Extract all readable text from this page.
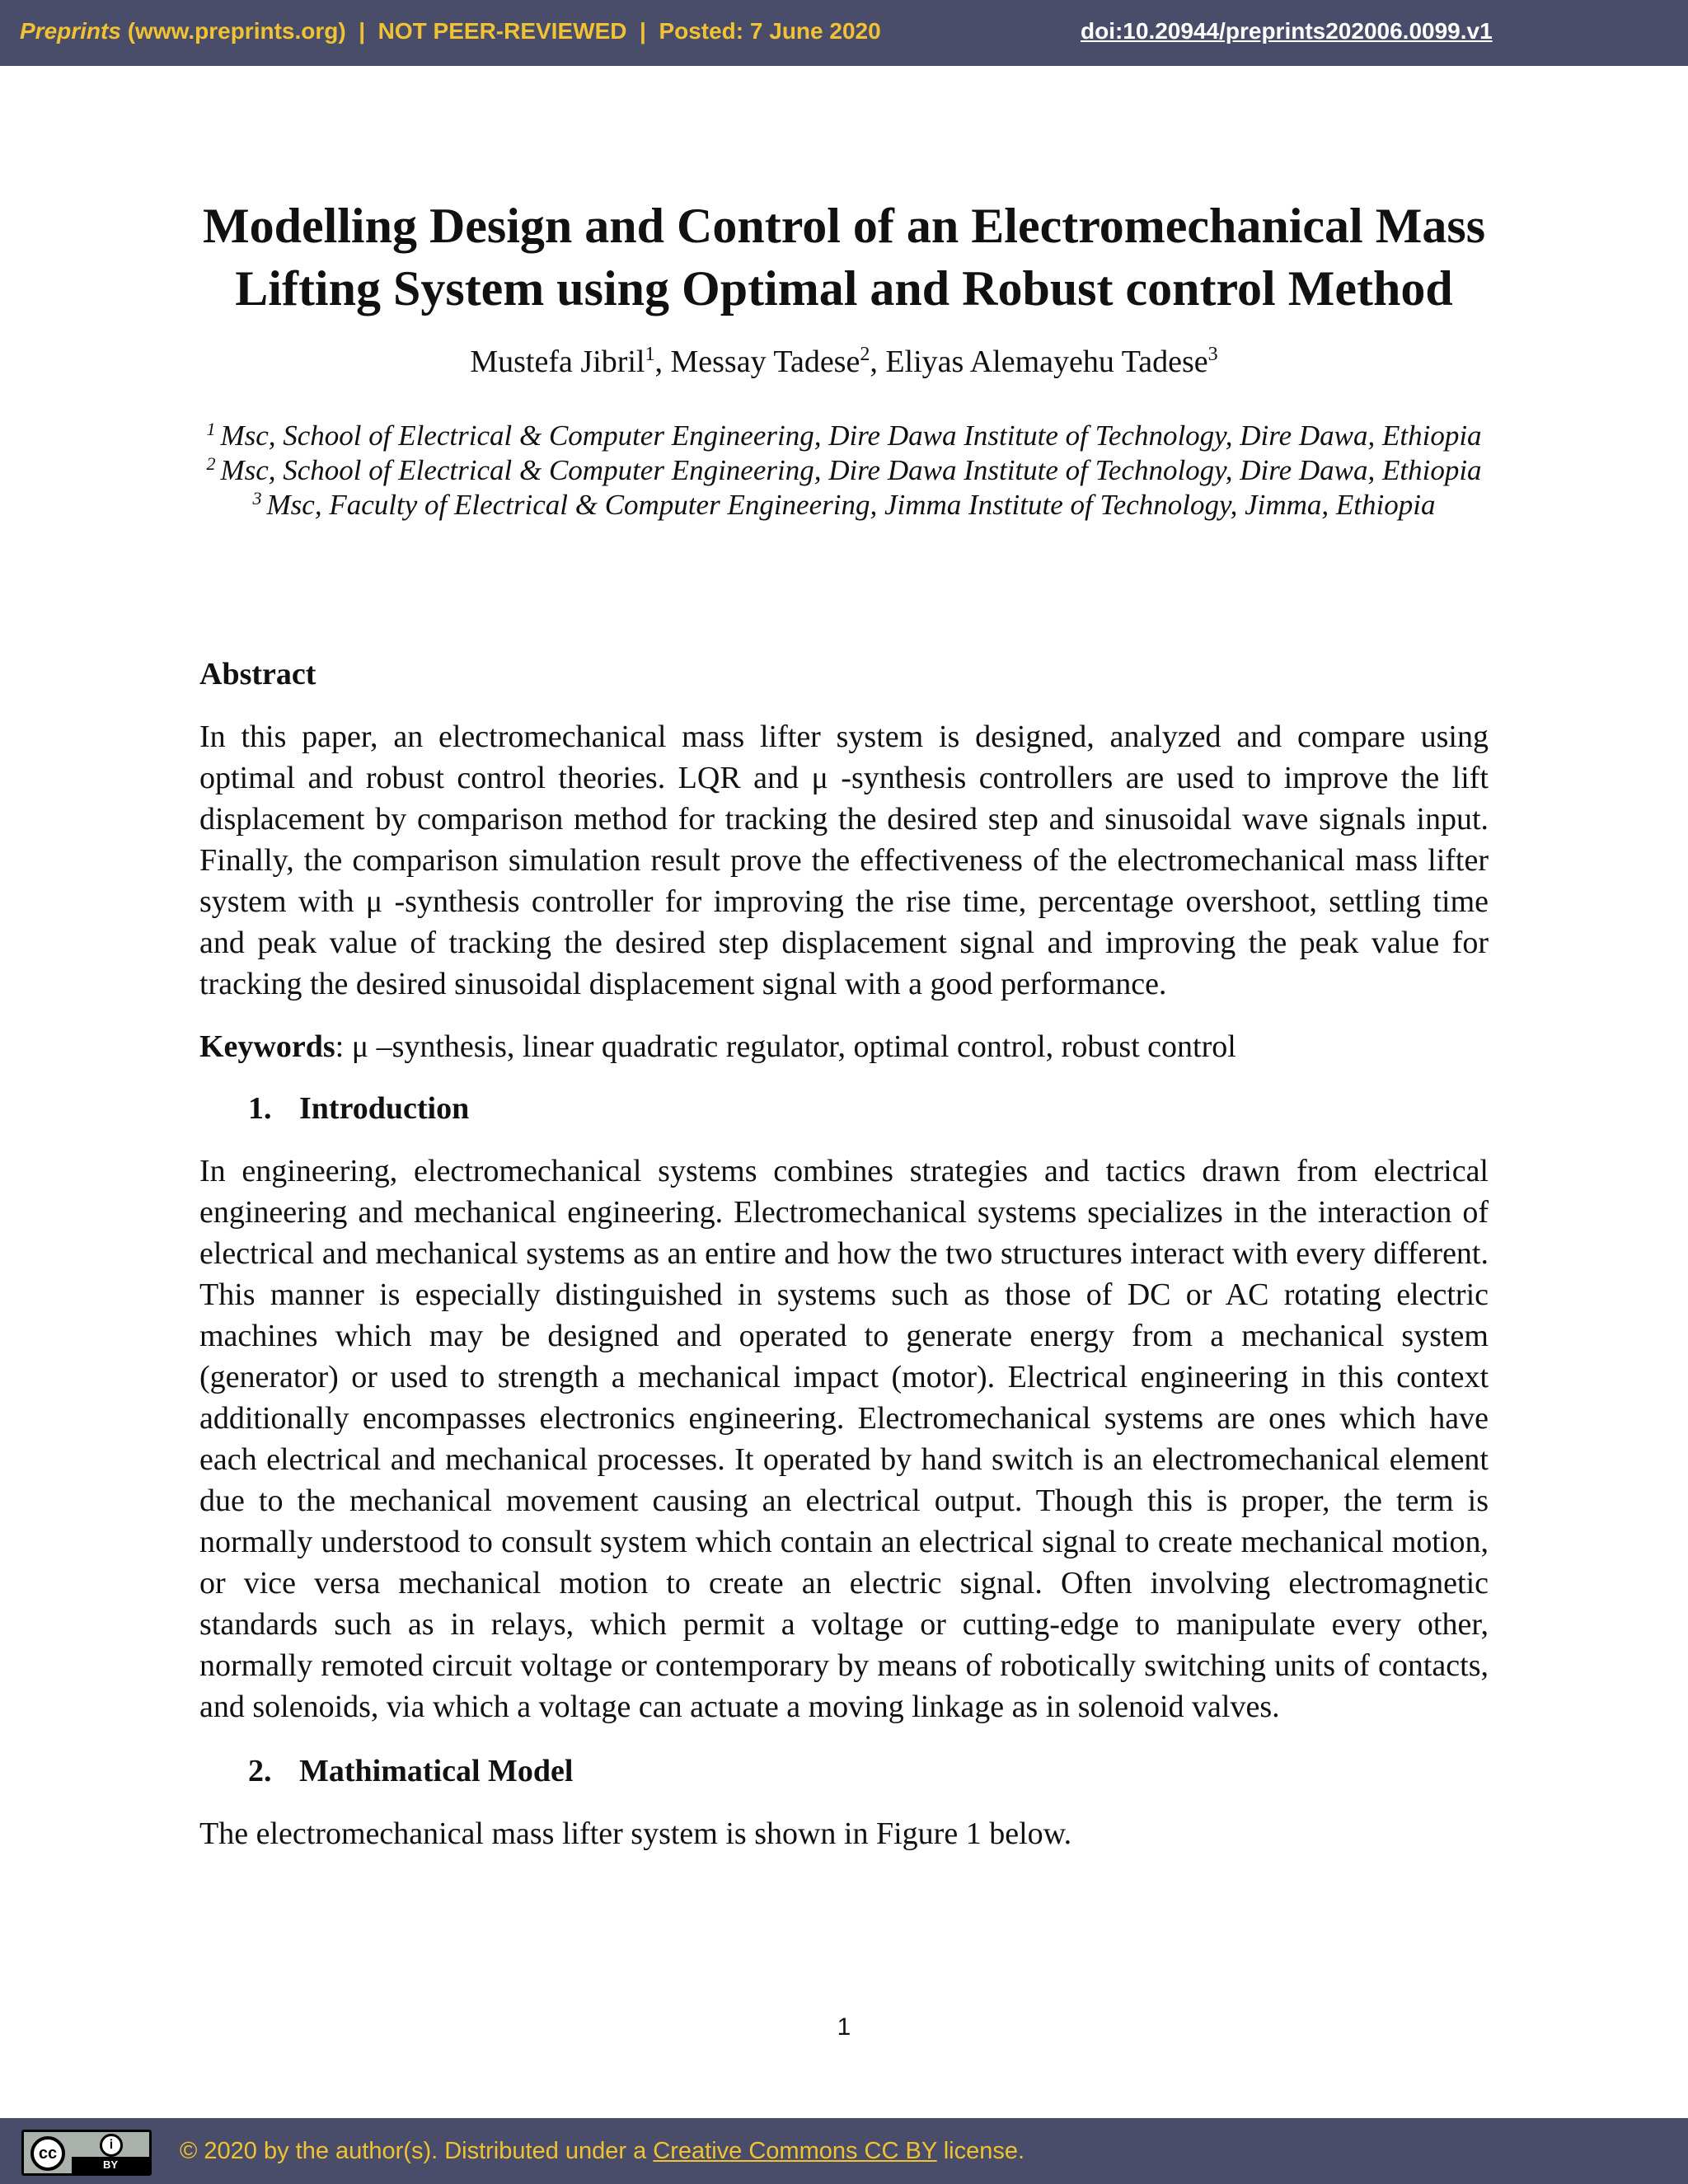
Preprints (www.preprints.org) | NOT PEER-REVIEWED | Posted: 7 June 2020	doi:10.20944/preprints202006.0099.v1
Modelling Design and Control of an Electromechanical Mass
Lifting System using Optimal and Robust control Method
Mustefa Jibril$^1$, Messay Tadese$^2$, Eliyas Alemayehu Tadese$^3$
$^1$ Msc, School of Electrical & Computer Engineering, Dire Dawa Institute of Technology, Dire Dawa, Ethiopia
$^2$ Msc, School of Electrical & Computer Engineering, Dire Dawa Institute of Technology, Dire Dawa, Ethiopia
$^3$ Msc, Faculty of Electrical & Computer Engineering, Jimma Institute of Technology, Jimma, Ethiopia
Abstract

In this paper, an electromechanical mass lifter system is designed, analyzed and compare using optimal and robust control theories. LQR and μ -synthesis controllers are used to improve the lift displacement by comparison method for tracking the desired step and sinusoidal wave signals input. Finally, the comparison simulation result prove the effectiveness of the electromechanical mass lifter system with μ -synthesis controller for improving the rise time, percentage overshoot, settling time and peak value of tracking the desired step displacement signal and improving the peak value for tracking the desired sinusoidal displacement signal with a good performance.

Keywords: μ –synthesis, linear quadratic regulator, optimal control, robust control
1. Introduction

In engineering, electromechanical systems combines strategies and tactics drawn from electrical engineering and mechanical engineering. Electromechanical systems specializes in the interaction of electrical and mechanical systems as an entire and how the two structures interact with every different. This manner is especially distinguished in systems such as those of DC or AC rotating electric machines which may be designed and operated to generate energy from a mechanical system (generator) or used to strength a mechanical impact (motor). Electrical engineering in this context additionally encompasses electronics engineering. Electromechanical systems are ones which have each electrical and mechanical processes. It operated by hand switch is an electromechanical element due to the mechanical movement causing an electrical output. Though this is proper, the term is normally understood to consult system which contain an electrical signal to create mechanical motion, or vice versa mechanical motion to create an electric signal. Often involving electromagnetic standards such as in relays, which permit a voltage or cutting-edge to manipulate every other, normally remoted circuit voltage or contemporary by means of robotically switching units of contacts, and solenoids, via which a voltage can actuate a moving linkage as in solenoid valves.

2. Mathimatical Model

The electromechanical mass lifter system is shown in Figure 1 below.

1
cc	i
BY
© 2020 by the author(s). Distributed under a Creative Commons CC BY license.
